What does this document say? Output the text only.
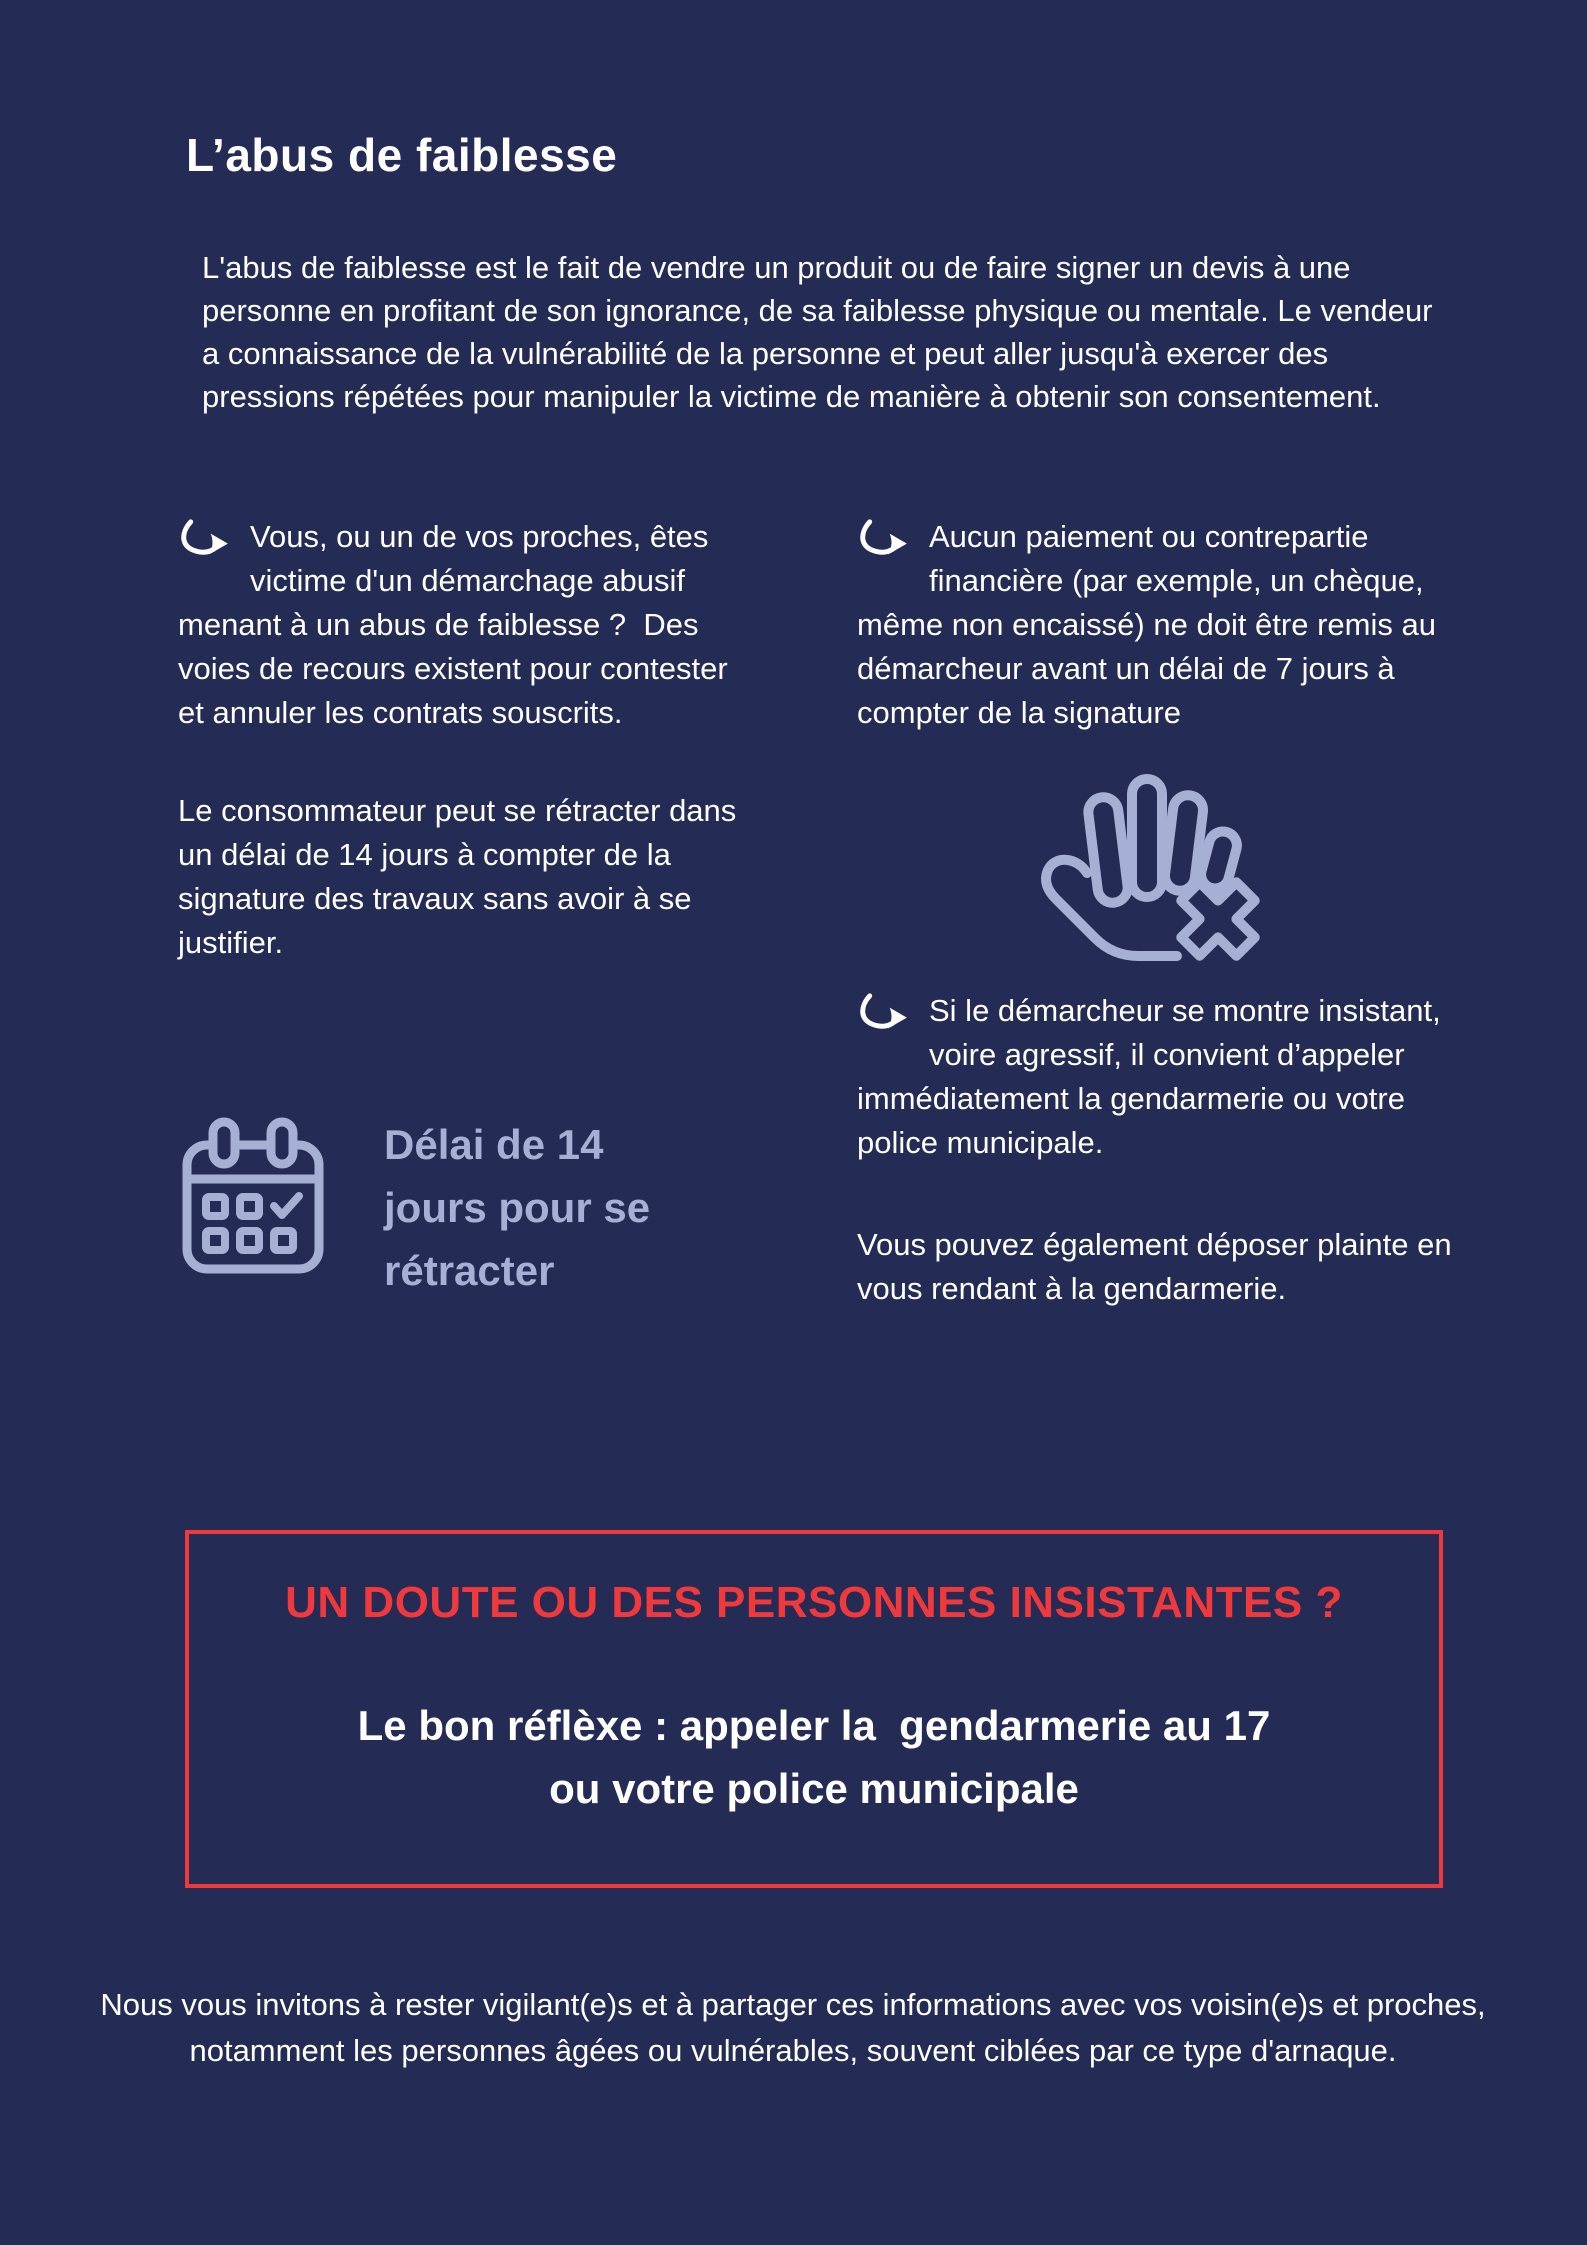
L’abus de faiblesse

L'abus de faiblesse est le fait de vendre un produit ou de faire signer un devis à une personne en profitant de son ignorance, de sa faiblesse physique ou mentale. Le vendeur a connaissance de la vulnérabilité de la personne et peut aller jusqu'à exercer des pressions répétées pour manipuler la victime de manière à obtenir son consentement.

Vous, ou un de vos proches, êtes victime d'un démarchage abusif menant à un abus de faiblesse ?  Des voies de recours existent pour contester et annuler les contrats souscrits.

Le consommateur peut se rétracter dans un délai de 14 jours à compter de la signature des travaux sans avoir à se justifier.

Délai de 14 jours pour se rétracter

Aucun paiement ou contrepartie financière (par exemple, un chèque, même non encaissé) ne doit être remis au démarcheur avant un délai de 7 jours à compter de la signature

Si le démarcheur se montre insistant, voire agressif, il convient d’appeler immédiatement la gendarmerie ou votre police municipale.

Vous pouvez également déposer plainte en vous rendant à la gendarmerie.

UN DOUTE OU DES PERSONNES INSISTANTES ?
Le bon réflèxe : appeler la  gendarmerie au 17
ou votre police municipale

Nous vous invitons à rester vigilant(e)s et à partager ces informations avec vos voisin(e)s et proches, notamment les personnes âgées ou vulnérables, souvent ciblées par ce type d'arnaque.
